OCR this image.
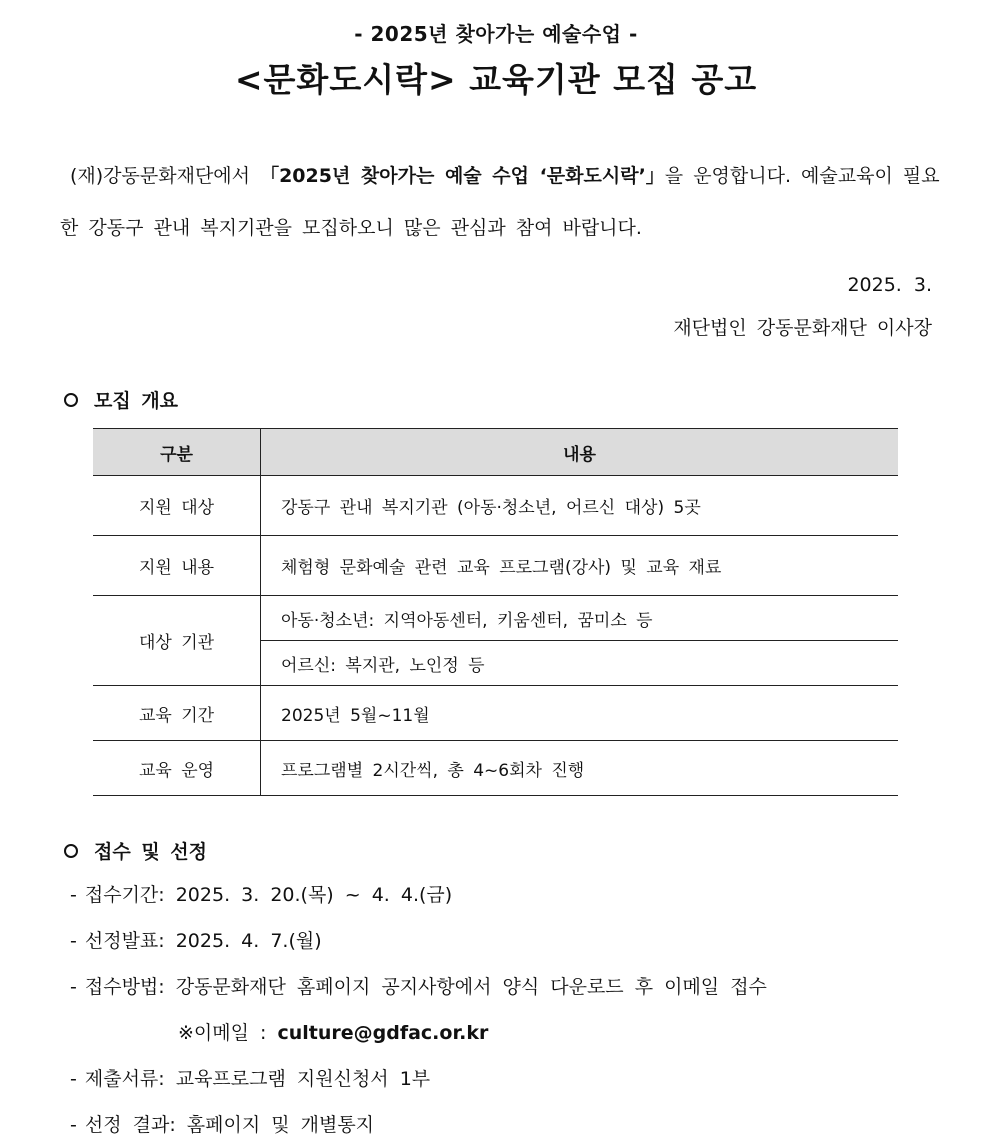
- 2025년 찾아가는 예술수업 -
<문화도시락> 교육기관 모집 공고
(재)강동문화재단에서 「2025년 찾아가는 예술 수업 ‘문화도시락’」을 운영합니다. 예술교육이 필요한 강동구 관내 복지기관을 모집하오니 많은 관심과 참여 바랍니다.
2025. 3.
재단법인 강동문화재단 이사장
모집 개요
구분	내용
지원 대상	강동구 관내 복지기관 (아동·청소년, 어르신 대상) 5곳
지원 내용	체험형 문화예술 관련 교육 프로그램(강사) 및 교육 재료
대상 기관	아동·청소년: 지역아동센터, 키움센터, 꿈미소 등
	어르신: 복지관, 노인정 등
교육 기간	2025년 5월~11월
교육 운영	프로그램별 2시간씩, 총 4~6회차 진행
접수 및 선정
- 접수기간: 2025. 3. 20.(목) ~ 4. 4.(금)
- 선정발표: 2025. 4. 7.(월)
- 접수방법: 강동문화재단 홈페이지 공지사항에서 양식 다운로드 후 이메일 접수
※이메일 : culture@gdfac.or.kr
- 제출서류: 교육프로그램 지원신청서 1부
- 선정 결과: 홈페이지 및 개별통지
